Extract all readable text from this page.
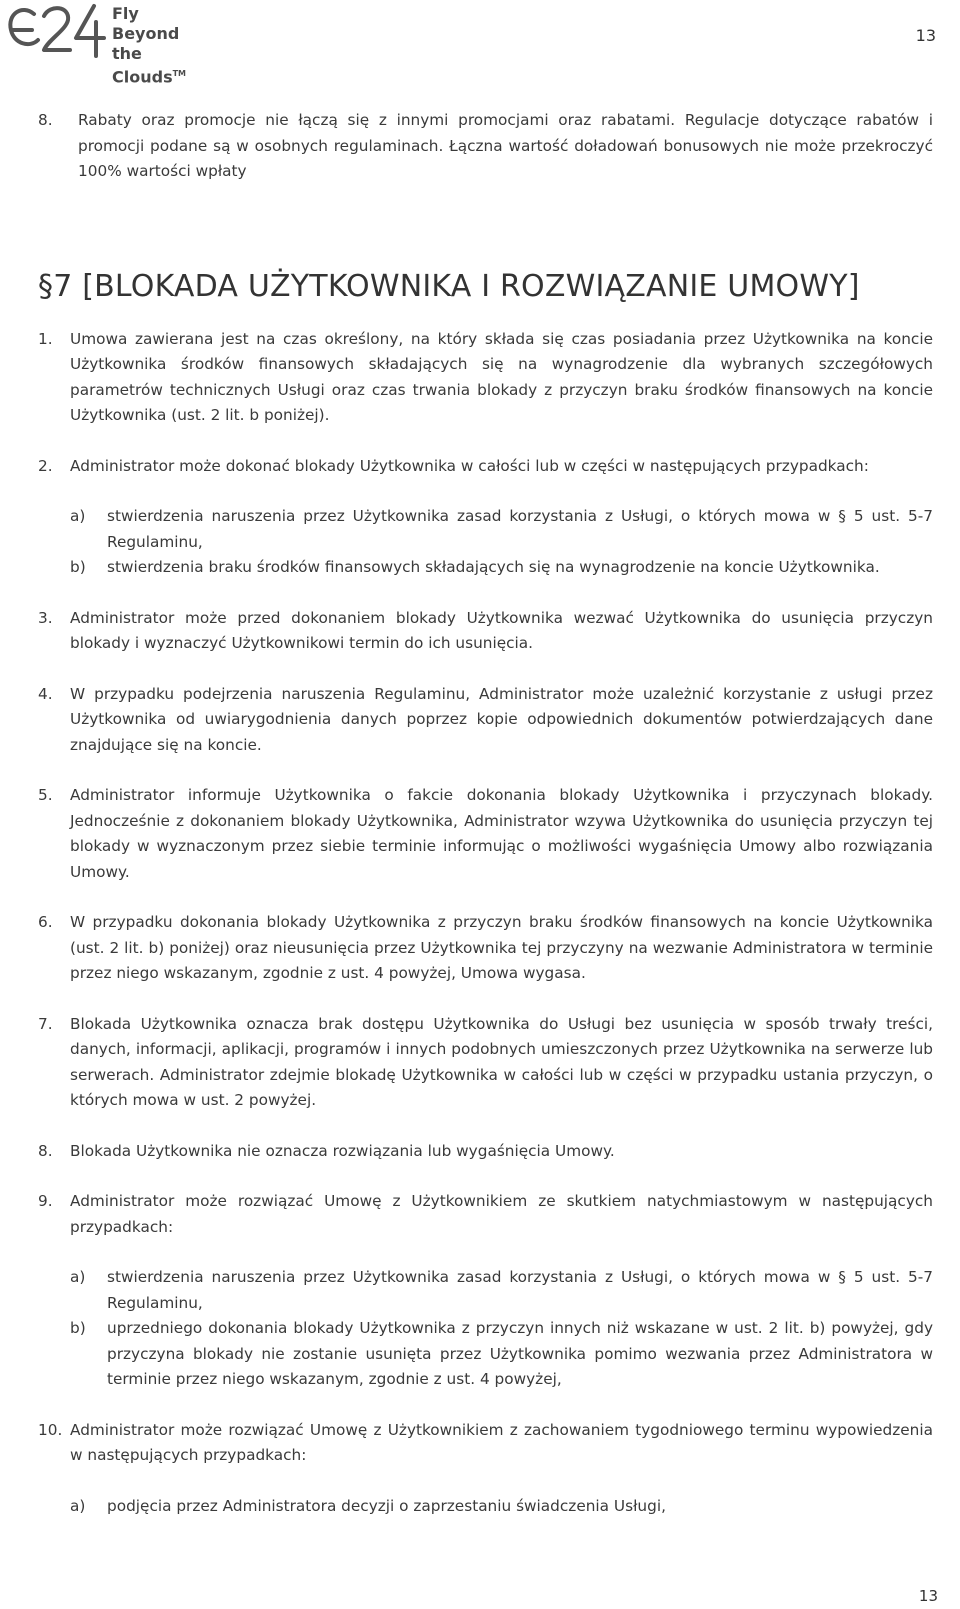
Fly
Beyond
the Clouds™
13
8. Rabaty oraz promocje nie łączą się z innymi promocjami oraz rabatami. Regulacje dotyczące rabatów i promocji podane są w osobnych regulaminach. Łączna wartość doładowań bonusowych nie może przekroczyć 100% wartości wpłaty
§7 [BLOKADA UŻYTKOWNIKA I ROZWIĄZANIE UMOWY]
1. Umowa zawierana jest na czas określony, na który składa się czas posiadania przez Użytkownika na koncie Użytkownika środków finansowych składających się na wynagrodzenie dla wybranych szczegółowych parametrów technicznych Usługi oraz czas trwania blokady z przyczyn braku środków finansowych na koncie Użytkownika (ust. 2 lit. b poniżej).
2. Administrator może dokonać blokady Użytkownika w całości lub w części w następujących przypadkach:
a) stwierdzenia naruszenia przez Użytkownika zasad korzystania z Usługi, o których mowa w § 5 ust. 5-7 Regulaminu,
b) stwierdzenia braku środków finansowych składających się na wynagrodzenie na koncie Użytkownika.
3. Administrator może przed dokonaniem blokady Użytkownika wezwać Użytkownika do usunięcia przyczyn blokady i wyznaczyć Użytkownikowi termin do ich usunięcia.
4. W przypadku podejrzenia naruszenia Regulaminu, Administrator może uzależnić korzystanie z usługi przez Użytkownika od uwiarygodnienia danych poprzez kopie odpowiednich dokumentów potwierdzających dane znajdujące się na koncie.
5. Administrator informuje Użytkownika o fakcie dokonania blokady Użytkownika i przyczynach blokady. Jednocześnie z dokonaniem blokady Użytkownika, Administrator wzywa Użytkownika do usunięcia przyczyn tej blokady w wyznaczonym przez siebie terminie informując o możliwości wygaśnięcia Umowy albo rozwiązania Umowy.
6. W przypadku dokonania blokady Użytkownika z przyczyn braku środków finansowych na koncie Użytkownika (ust. 2 lit. b) poniżej) oraz nieusunięcia przez Użytkownika tej przyczyny na wezwanie Administratora w terminie przez niego wskazanym, zgodnie z ust. 4 powyżej, Umowa wygasa.
7. Blokada Użytkownika oznacza brak dostępu Użytkownika do Usługi bez usunięcia w sposób trwały treści, danych, informacji, aplikacji, programów i innych podobnych umieszczonych przez Użytkownika na serwerze lub serwerach. Administrator zdejmie blokadę Użytkownika w całości lub w części w przypadku ustania przyczyn, o których mowa w ust. 2 powyżej.
8. Blokada Użytkownika nie oznacza rozwiązania lub wygaśnięcia Umowy.
9. Administrator może rozwiązać Umowę z Użytkownikiem ze skutkiem natychmiastowym w następujących przypadkach:
a) stwierdzenia naruszenia przez Użytkownika zasad korzystania z Usługi, o których mowa w § 5 ust. 5-7 Regulaminu,
b) uprzedniego dokonania blokady Użytkownika z przyczyn innych niż wskazane w ust. 2 lit. b) powyżej, gdy przyczyna blokady nie zostanie usunięta przez Użytkownika pomimo wezwania przez Administratora w terminie przez niego wskazanym, zgodnie z ust. 4 powyżej,
10. Administrator może rozwiązać Umowę z Użytkownikiem z zachowaniem tygodniowego terminu wypowiedzenia w następujących przypadkach:
a) podjęcia przez Administratora decyzji o zaprzestaniu świadczenia Usługi,
13
